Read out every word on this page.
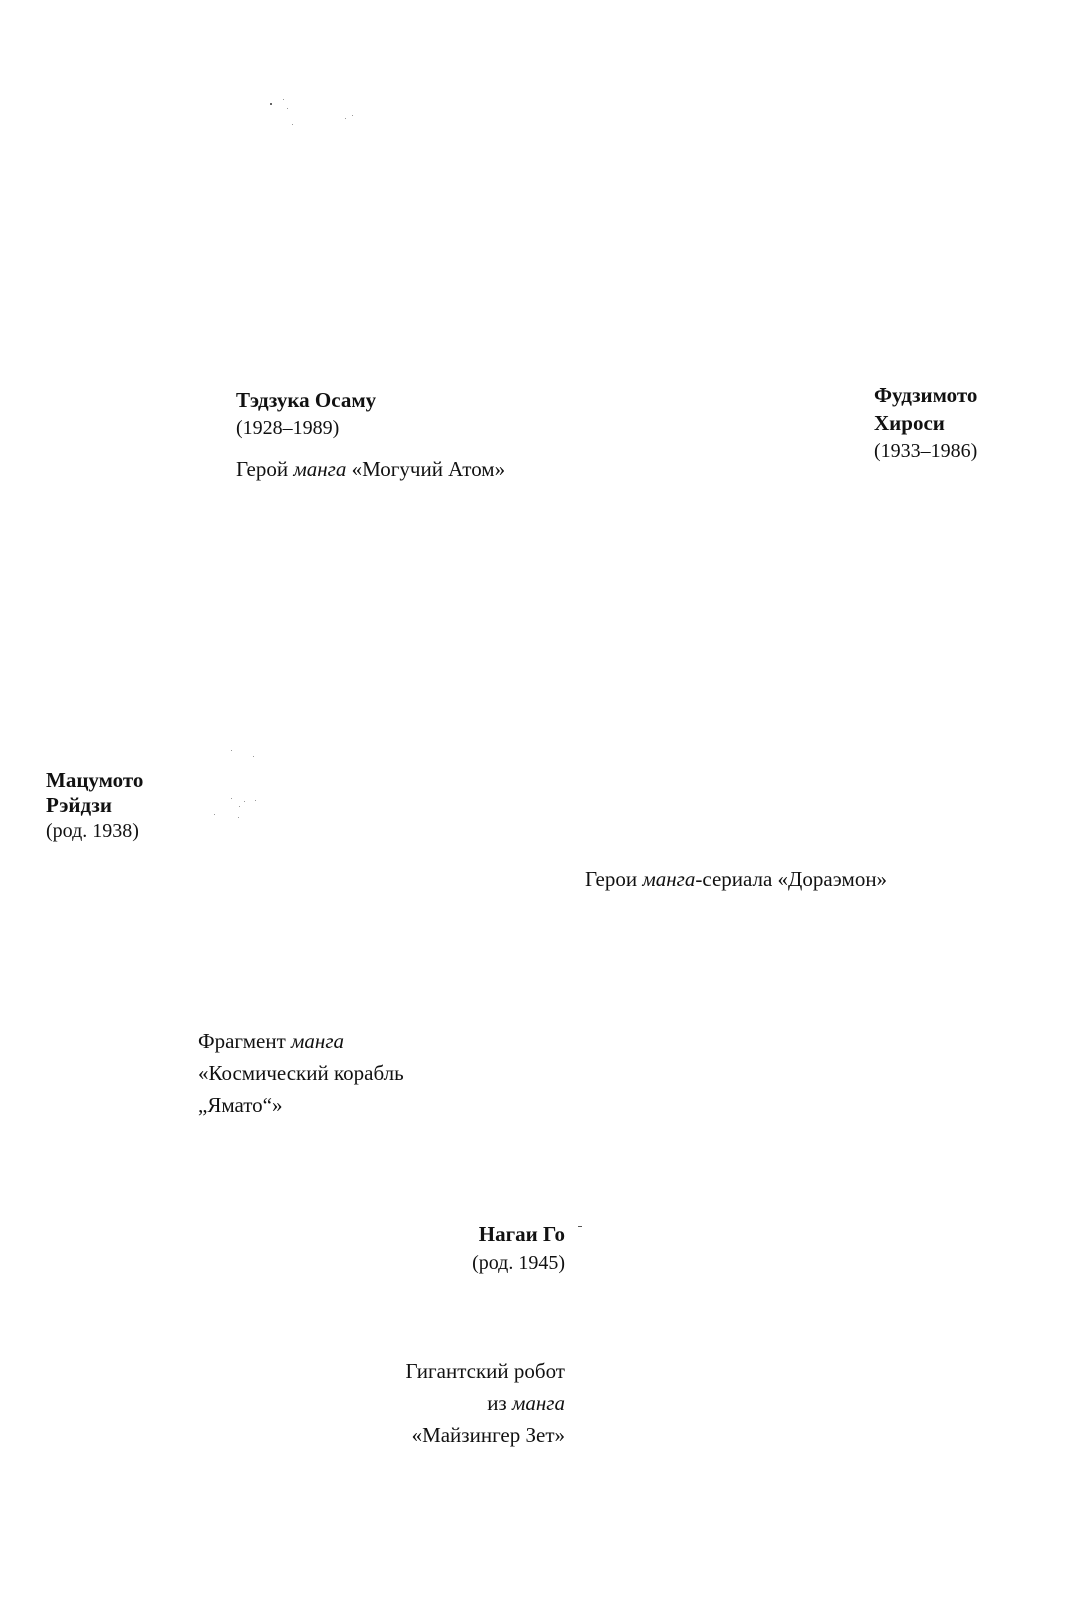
Тэдзука Осаму
(1928–1989)
Герой манга «Могучий Атом»
Фудзимото
Хироси
(1933–1986)
Мацумото
Рэйдзи
(род. 1938)
Герои манга-сериала «Дораэмон»
Фрагмент манга
«Космический корабль
„Ямато“»
Нагаи Го
(род. 1945)
Гигантский робот
из манга
«Майзингер Зет»
